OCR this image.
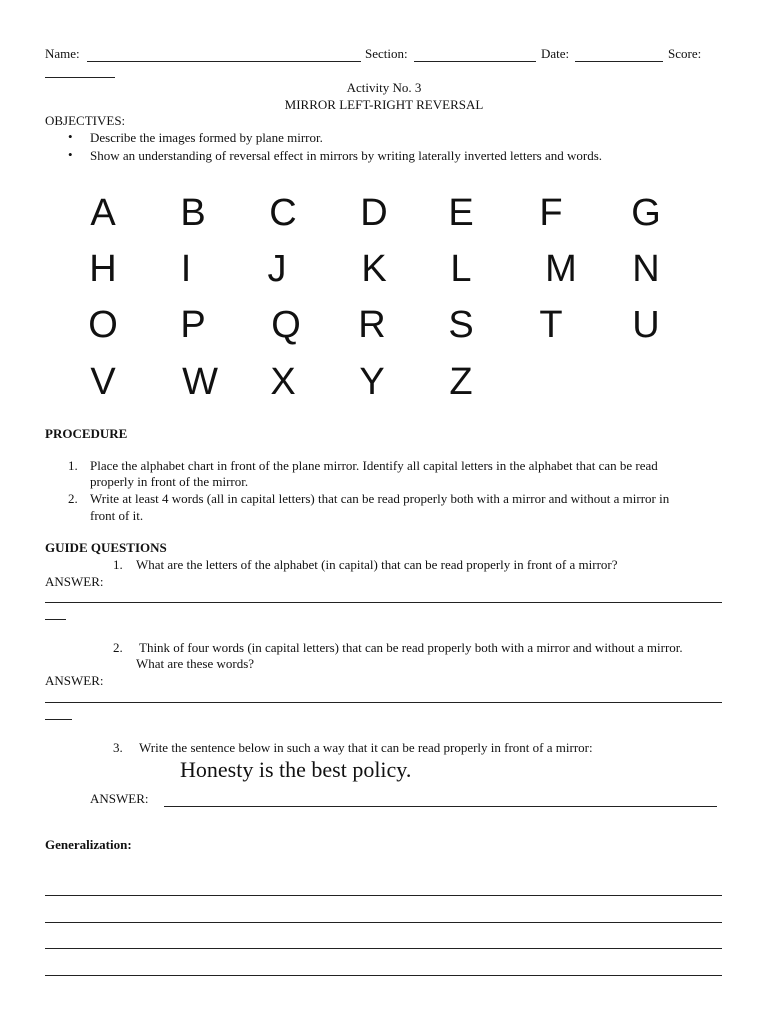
Name:	Section:	Date:	Score:
Activity No. 3
MIRROR LEFT-RIGHT REVERSAL
OBJECTIVES:
• Describe the images formed by plane mirror.
• Show an understanding of reversal effect in mirrors by writing laterally inverted letters and words.
A	B	C	D	E	F	G
H	I	J	K	L	M	N
O	P	Q	R	S	T	U
V	W	X	Y	Z
PROCEDURE
1. Place the alphabet chart in front of the plane mirror. Identify all capital letters in the alphabet that can be read
properly in front of the mirror.
2. Write at least 4 words (all in capital letters) that can be read properly both with a mirror and without a mirror in
front of it.
GUIDE QUESTIONS
1. What are the letters of the alphabet (in capital) that can be read properly in front of a mirror?
ANSWER:
2. Think of four words (in capital letters) that can be read properly both with a mirror and without a mirror.
What are these words?
ANSWER:
3. Write the sentence below in such a way that it can be read properly in front of a mirror:
Honesty is the best policy.
ANSWER:
Generalization:
